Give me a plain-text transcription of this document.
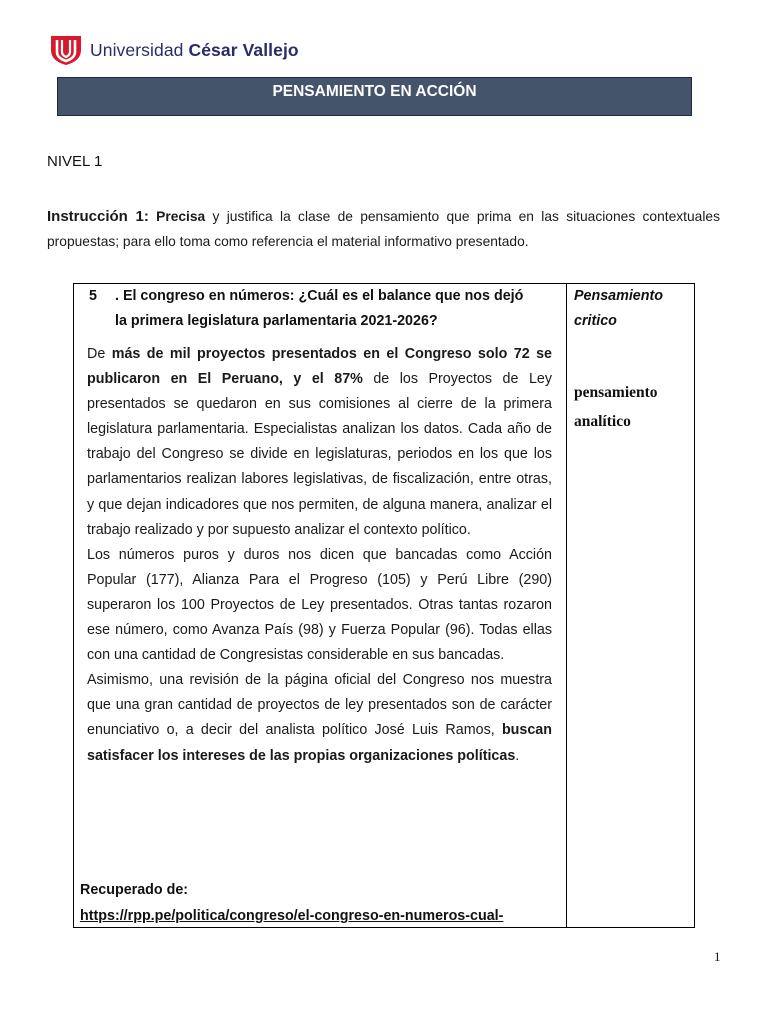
Universidad César Vallejo
PENSAMIENTO EN ACCIÓN
NIVEL 1
Instrucción 1: Precisa y justifica la clase de pensamiento que prima en las situaciones contextuales propuestas; para ello toma como referencia el material informativo presentado.
5 . El congreso en números: ¿Cuál es el balance que nos dejó
la primera legislatura parlamentaria 2021-2026?

De más de mil proyectos presentados en el Congreso solo 72 se publicaron en El Peruano, y el 87% de los Proyectos de Ley presentados se quedaron en sus comisiones al cierre de la primera legislatura parlamentaria. Especialistas analizan los datos. Cada año de trabajo del Congreso se divide en legislaturas, periodos en los que los parlamentarios realizan labores legislativas, de fiscalización, entre otras, y que dejan indicadores que nos permiten, de alguna manera, analizar el trabajo realizado y por supuesto analizar el contexto político.

Los números puros y duros nos dicen que bancadas como Acción Popular (177), Alianza Para el Progreso (105) y Perú Libre (290) superaron los 100 Proyectos de Ley presentados. Otras tantas rozaron ese número, como Avanza País (98) y Fuerza Popular (96). Todas ellas con una cantidad de Congresistas considerable en sus bancadas.

Asimismo, una revisión de la página oficial del Congreso nos muestra que una gran cantidad de proyectos de ley presentados son de carácter enunciativo o, a decir del analista político José Luis Ramos, buscan satisfacer los intereses de las propias organizaciones políticas.

Recuperado de:
https://rpp.pe/politica/congreso/el-congreso-en-numeros-cual-
Pensamiento
critico
pensamiento
analítico
1
